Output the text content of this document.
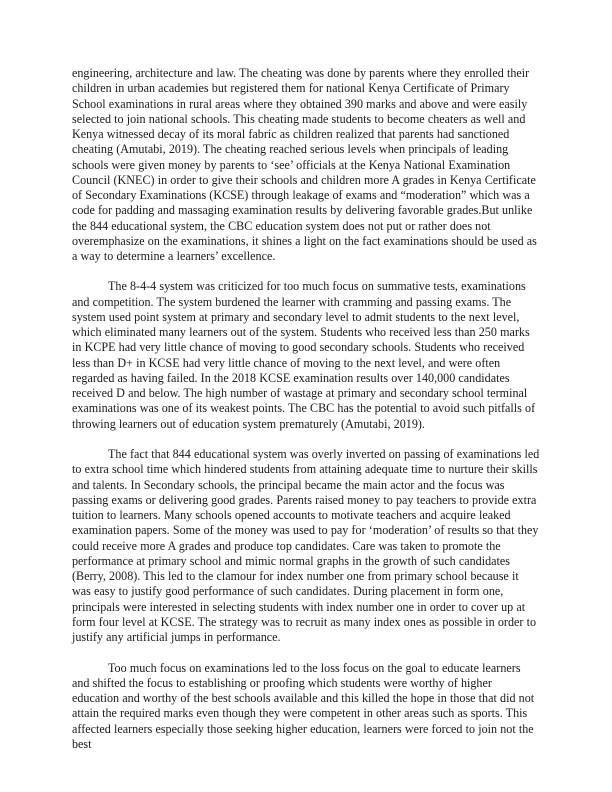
engineering, architecture and law. The cheating was done by parents where they enrolled their children in urban academies but registered them for national Kenya Certificate of Primary School examinations in rural areas where they obtained 390 marks and above and were easily selected to join national schools. This cheating made students to become cheaters as well and Kenya witnessed decay of its moral fabric as children realized that parents had sanctioned cheating (Amutabi, 2019). The cheating reached serious levels when principals of leading schools were given money by parents to ‘see’ officials at the Kenya National Examination Council (KNEC) in order to give their schools and children more A grades in Kenya Certificate of Secondary Examinations (KCSE) through leakage of exams and “moderation” which was a code for padding and massaging examination results by delivering favorable grades.But unlike the 844 educational system, the CBC education system does not put or rather does not overemphasize on the examinations, it shines a light on the fact examinations should be used as a way to determine a learners’ excellence.

The 8-4-4 system was criticized for too much focus on summative tests, examinations and competition. The system burdened the learner with cramming and passing exams. The system used point system at primary and secondary level to admit students to the next level, which eliminated many learners out of the system. Students who received less than 250 marks in KCPE had very little chance of moving to good secondary schools. Students who received less than D+ in KCSE had very little chance of moving to the next level, and were often regarded as having failed. In the 2018 KCSE examination results over 140,000 candidates received D and below. The high number of wastage at primary and secondary school terminal examinations was one of its weakest points. The CBC has the potential to avoid such pitfalls of throwing learners out of education system prematurely (Amutabi, 2019).

The fact that 844 educational system was overly inverted on passing of examinations led to extra school time which hindered students from attaining adequate time to nurture their skills and talents. In Secondary schools, the principal became the main actor and the focus was passing exams or delivering good grades. Parents raised money to pay teachers to provide extra tuition to learners. Many schools opened accounts to motivate teachers and acquire leaked examination papers. Some of the money was used to pay for ‘moderation’ of results so that they could receive more A grades and produce top candidates. Care was taken to promote the performance at primary school and mimic normal graphs in the growth of such candidates (Berry, 2008). This led to the clamour for index number one from primary school because it was easy to justify good performance of such candidates. During placement in form one, principals were interested in selecting students with index number one in order to cover up at form four level at KCSE. The strategy was to recruit as many index ones as possible in order to justify any artificial jumps in performance.

Too much focus on examinations led to the loss focus on the goal to educate learners and shifted the focus to establishing or proofing which students were worthy of higher education and worthy of the best schools available and this killed the hope in those that did not attain the required marks even though they were competent in other areas such as sports. This affected learners especially those seeking higher education, learners were forced to join not the best
